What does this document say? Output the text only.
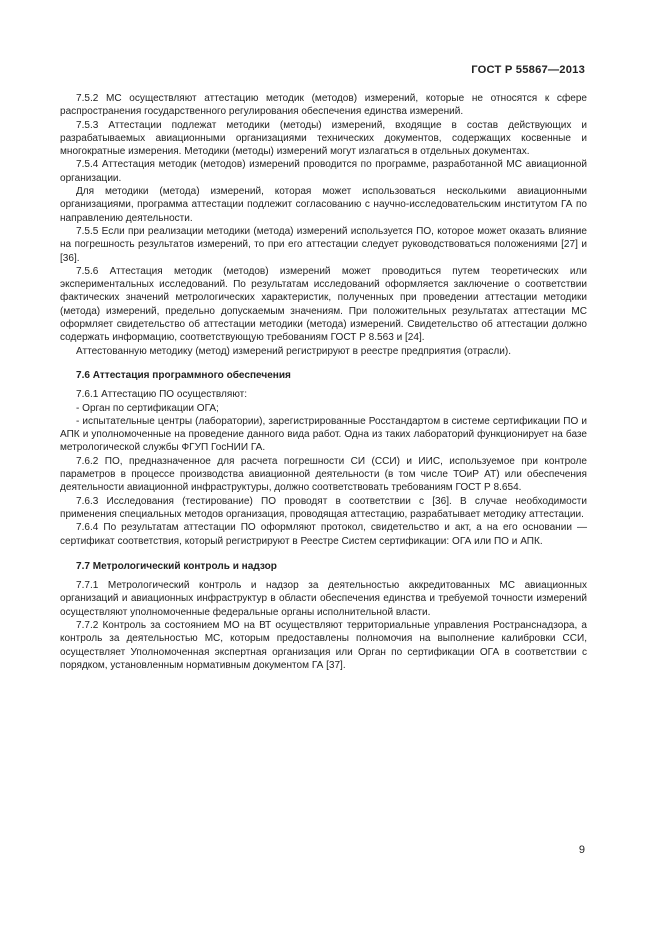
ГОСТ Р 55867—2013

7.5.2 МС осуществляют аттестацию методик (методов) измерений, которые не относятся к сфере распространения государственного регулирования обеспечения единства измерений.

7.5.3 Аттестации подлежат методики (методы) измерений, входящие в состав действующих и разрабатываемых авиационными организациями технических документов, содержащих косвенные и многократные измерения. Методики (методы) измерений могут излагаться в отдельных документах.

7.5.4 Аттестация методик (методов) измерений проводится по программе, разработанной МС авиационной организации.

Для методики (метода) измерений, которая может использоваться несколькими авиационными организациями, программа аттестации подлежит согласованию с научно-исследовательским институтом ГА по направлению деятельности.

7.5.5 Если при реализации методики (метода) измерений используется ПО, которое может оказать влияние на погрешность результатов измерений, то при его аттестации следует руководствоваться положениями [27] и [36].

7.5.6 Аттестация методик (методов) измерений может проводиться путем теоретических или экспериментальных исследований. По результатам исследований оформляется заключение о соответствии фактических значений метрологических характеристик, полученных при проведении аттестации методики (метода) измерений, предельно допускаемым значениям. При положительных результатах аттестации МС оформляет свидетельство об аттестации методики (метода) измерений. Свидетельство об аттестации должно содержать информацию, соответствующую требованиям ГОСТ Р 8.563 и [24].

Аттестованную методику (метод) измерений регистрируют в реестре предприятия (отрасли).

7.6 Аттестация программного обеспечения

7.6.1 Аттестацию ПО осуществляют:

- Орган по сертификации ОГА;

- испытательные центры (лаборатории), зарегистрированные Росстандартом в системе сертификации ПО и АПК и уполномоченные на проведение данного вида работ. Одна из таких лабораторий функционирует на базе метрологической службы ФГУП ГосНИИ ГА.

7.6.2 ПО, предназначенное для расчета погрешности СИ (ССИ) и ИИС, используемое при контроле параметров в процессе производства авиационной деятельности (в том числе ТОиР АТ) или обеспечения деятельности авиационной инфраструктуры, должно соответствовать требованиям ГОСТ Р 8.654.

7.6.3 Исследования (тестирование) ПО проводят в соответствии с [36]. В случае необходимости применения специальных методов организация, проводящая аттестацию, разрабатывает методику аттестации.

7.6.4 По результатам аттестации ПО оформляют протокол, свидетельство и акт, а на его основании — сертификат соответствия, который регистрируют в Реестре Систем сертификации: ОГА или ПО и АПК.

7.7 Метрологический контроль и надзор

7.7.1 Метрологический контроль и надзор за деятельностью аккредитованных МС авиационных организаций и авиационных инфраструктур в области обеспечения единства и требуемой точности измерений осуществляют уполномоченные федеральные органы исполнительной власти.

7.7.2 Контроль за состоянием МО на ВТ осуществляют территориальные управления Ространснадзора, а контроль за деятельностью МС, которым предоставлены полномочия на выполнение калибровки ССИ, осуществляет Уполномоченная экспертная организация или Орган по сертификации ОГА в соответствии с порядком, установленным нормативным документом ГА [37].

9
